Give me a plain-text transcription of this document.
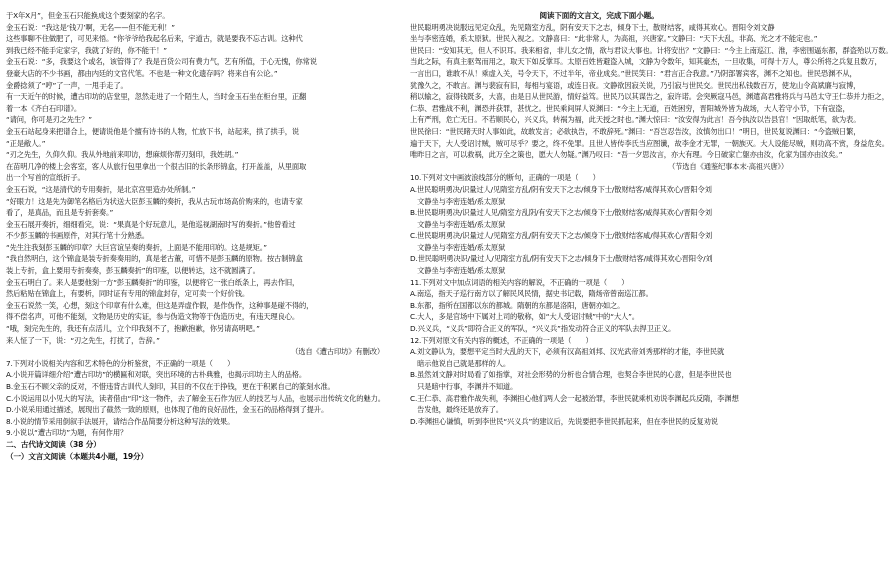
于X年X月”，但金玉石只能换成这个要刻家的名字。
金玉石说：“我这是‘钱刀’啊，无名——但不能无利！”
这些事聊不住做肥了，可见来悟。“你爷爷给我起名后来，宇道古，就是要我不忘古训。这种代
到我已经不能手定家字，我就了好的，你不能干！”
金玉石说：“多，我要这个或名，该管得了？我是百货公司有费力气，艺有所值，于心无愧，你常说
登豪大店的不少书画，都由内廷的文官代笔。不也是一种文化遗存吗？将来自有公论。”
金爵捻须了“哼”了一声，一甩手走了。
有一天近午的时候，遭古印坊的店堂里，忽然走进了一个陌生人，当时金玉石坐在柜台里，正翻
着一本《齐白石印谱》。
“请问，你可是刃之先生？”
金玉石站起身来把谱合上，便请说他是个擅有诗书的人物，忙放下书，站起来，拱了拱手，说
“正是敝人。”
“刃之先生，久仰久仰。我从外地前来叩访，想麻烦你帮刃刻印，我姓胡。”
在苗明几净的楼上会客室，客人从旅行包里拿出一个很古旧的长条形锦盒，打开盖盖，从里面取
出一个写首的宣纸折子。
金玉石说，“这是清代的专用奏折，是北京宫里造办处所制。”
“好眼力！这是先为御笔名格后为状送大臣彭玉麟的奏折，我从古玩市场高价购来的，也请专家
看了，是真品，而且是专折套奏。”
金玉石展开奏折，细细看完，说：“果真是个好玩意儿，是他巡视湖南时写的奏折。”他曾看过
不少彭玉麟的书画原件，对其行笔十分熟悉。
“先生注我刻彭玉麟的印章？大巨宫谊呈奏的奏折，上面是不能用印的。这是规矩。”
“我自然明白，这个锦盒是装专折奏奏用的，真是老古董，可惜不是彭玉麟的原物。按古制锦盒
装上专折，盒上要用专折奏奏，彭玉麟奏折”的印鉴，以便转达，这不就圆满了。
金玉石明白了。来人是要他刻一方“彭玉麟奏折”的印鉴，以便将它一张白纸条上，再去作旧，
然后粘贴在锦盒上，有要析，同时证有专用的锦盒封存，定可卖一个好价钱。
金玉石说然一笑，心想，刻这个印章有什么难，但这是弄虚作假，是作伪作，这种事是碰不得的，
得不偿名声，可他不能刻，文物是历史的实证，参与伪造文物等于伪造历史，有违天理良心。
“哦，刻完先生的，我还有点活儿，立个印我刻不了，抱歉抱歉，你另请高明吧。”
来人怔了一下，说：“刃之先生，打扰了，告辞。”
（选自《遭古印坊》有删改）
7.下列对小说相关内容和艺术特色的分析鉴赏，不正确的一项是（　　）
A.小说开篇详细介绍“遭古印坊”的横匾和对联，突出环境的古朴典雅，也揭示印坊主人的品格。
B.金玉石不顾父亲的反对，不惜违背古训代人刻印，其目的不仅在于挣钱，更在于积累自己的篆刻水准。
C.小说运用以小见大的写法，读者借由“印”这一物件，去了解金玉石作为匠人的技艺与人品，也展示出传统文化的魅力。
D.小说采用通过描述，展现出了截然一致的原则，也体现了他的良好品性，金玉石的品格得到了提升。
8.小说的情节采用倒叙手法展开，请结合作品简要分析这种写法的效果。
9.小说以“遭古印坊”为题，有何作用？
二、古代诗文阅读（38 分）
（一）文言文阅读（本题共4小题，19分）
阅读下面的文言文，完成下面小题。
世民聪明勇决说服远见定众乱，先见隋室方乱，阴有安天下之志，倾身下士，散财结客，咸得其欢心。晋阳令刘文静
坐与李密连婚，系太原狱。世民入视之。文静喜曰：“此非常人，为高祖，兴唐家。”文静曰：“天下大乱，非高、光之才不能定也。”
世民曰：“安知其无，但人不识耳。我来相省，非儿女之情，欲与君议大事也。计将安出？”文静曰：“今主上南巡江、淮，李密围逼东都，群盗殆以万数。
当此之际，有真主驱驾而用之，取天下如反掌耳。太原百姓皆避盗入城，文静为令数年，知其豪杰，一旦收集，可得十万人，尊公所将之兵复且数万，
一言出口，谁敢不从！乘虚入关，号令天下，不过半年，帝业成矣。”世民笑曰：“君言正合我意。”乃阴部署宾客，渊不之知也。世民恐渊不从，
犹豫久之，不敢言。渊与裴寂有旧，每相与宴语，或连日夜。文静欲因寂关说，乃引寂与世民交。世民出私钱数百万，使龙山令高斌廉与寂博，
稍以输之，寂得钱既多，大喜，由是日从世民游，情好益笃。世民乃以其谋告之，寂许诺。会突厥寇马邑，渊遣高君雅将兵与马邑太守王仁恭并力拒之，
仁恭、君雅战不利，渊恐并获罪，甚忧之。世民乘间屏人说渊曰：“今主上无道，百姓困穷，晋阳城外皆为战场，大人若守小节，下有寇盗，
上有严刑，危亡无日。不若顺民心，兴义兵，转祸为福，此天授之时也。”渊大惊曰：“汝安得为此言！吾今执汝以告县官！”因取纸笔，欲为表。
世民徐曰：“世民睹天时人事如此，故敢发言；必欲执告，不敢辞死。”渊曰：“吾岂忍告汝，汝慎勿出口！”明日，世民复说渊曰：“今盗贼日繁，
遍于天下，大人受诏讨贼，贼可尽乎？要之，终不免罪。且世人皆传李氏当应图谶，故李金才无罪，一朝族灭。大人设能尽贼，则功高不赏，身益危矣。
唯昨日之言，可以救祸，此万全之策也，愿大人勿疑。”渊乃叹曰：“吾一夕思汝言，亦大有理。今日破家亡躯亦由汝，化家为国亦由汝矣。”
（节选自《通鉴纪事本末·高祖兴唐》）
10.下列对文中画波浪线部分的断句，正确的一项是（　　）
A.世民聪明勇决/识量过人/见隋室方乱/阴有安天下之志/倾身下士/散财结客/咸得其欢心/晋阳令刘
　文静坐与李密连婚/系太原狱
B.世民聪明勇决/识量过人见/隋室方乱阴/有安天下之志/倾身下士/散财结客/咸得其欢心/晋阳令刘
　文静坐与李密连婚/系太原狱
C.世民聪明勇决/识量过人/见隋室方乱/阴有安天下之志/倾身下士/散财结客咸/得其欢心/晋阳令刘
　文静坐与李密连婚/系太原狱
D.世民聪明勇决识/量过人/见隋室方乱/阴有安天下之志/倾身下士/散财结客/咸得其欢心晋阳令/刘
　文静坐与李密连婚/系太原狱
11.下列对文中加点词语的相关内容的解说，不正确的一项是（　　）
A.南巡，指天子巡行南方以了解民风民情，据史书记载，隋炀帝曾南巡江都。
B.东都，指所在国都以东的都城。隋朝的东都是洛阳，唐朝亦如之。
C.大人，多是官场中下属对上司的敬称，如“大人受诏讨贼”中的“大人”。
D.兴义兵，“义兵”即符合正义的军队，“兴义兵”指发动符合正义的军队去捍卫正义。
12.下列对原文有关内容的概述，不正确的一项是（　　）
A.刘文静认为，要想平定当时大乱的天下，必须有汉高祖刘邦、汉光武帝刘秀那样的才能，李世民就
　暗示他说自己就是那样的人。
B.虽然刘文静对时局看了如指掌，对社会形势的分析也合情合理，也契合李世民的心意，但是李世民也
　只是暗中行事，李渊并不知道。
C.王仁恭、高君雅作战失利，李渊担心他们两人会一起被治罪，李世民就乘机劝说李渊起兵反隋，李渊想
　告发他，最终还是放弃了。
D.李渊担心谦慎，听到李世民“兴义兵”的建议后，先说要把李世民抓起来，但在李世民的反复劝说
